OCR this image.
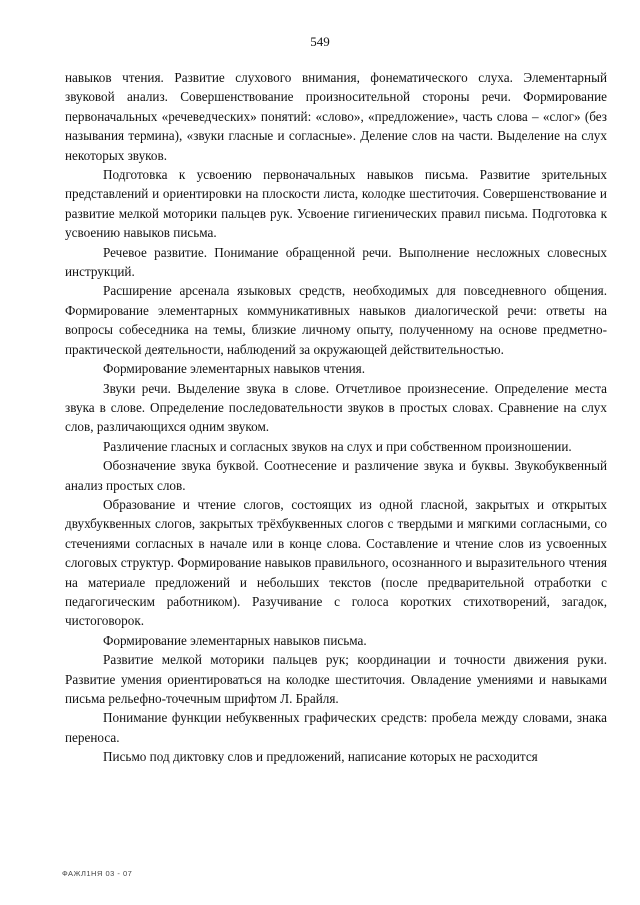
549

навыков чтения. Развитие слухового внимания, фонематического слуха. Элементарный звуковой анализ. Совершенствование произносительной стороны речи. Формирование первоначальных «речеведческих» понятий: «слово», «предложение», часть слова – «слог» (без называния термина), «звуки гласные и согласные». Деление слов на части. Выделение на слух некоторых звуков.

Подготовка к усвоению первоначальных навыков письма. Развитие зрительных представлений и ориентировки на плоскости листа, колодке шеститочия. Совершенствование и развитие мелкой моторики пальцев рук. Усвоение гигиенических правил письма. Подготовка к усвоению навыков письма.

Речевое развитие. Понимание обращенной речи. Выполнение несложных словесных инструкций.

Расширение арсенала языковых средств, необходимых для повседневного общения. Формирование элементарных коммуникативных навыков диалогической речи: ответы на вопросы собеседника на темы, близкие личному опыту, полученному на основе предметно-практической деятельности, наблюдений за окружающей действительностью.

Формирование элементарных навыков чтения.

Звуки речи. Выделение звука в слове. Отчетливое произнесение. Определение места звука в слове. Определение последовательности звуков в простых словах. Сравнение на слух слов, различающихся одним звуком.

Различение гласных и согласных звуков на слух и при собственном произношении.

Обозначение звука буквой. Соотнесение и различение звука и буквы. Звукобуквенный анализ простых слов.

Образование и чтение слогов, состоящих из одной гласной, закрытых и открытых двухбуквенных слогов, закрытых трёхбуквенных слогов с твердыми и мягкими согласными, со стечениями согласных в начале или в конце слова. Составление и чтение слов из усвоенных слоговых структур. Формирование навыков правильного, осознанного и выразительного чтения на материале предложений и небольших текстов (после предварительной отработки с педагогическим работником). Разучивание с голоса коротких стихотворений, загадок, чистоговорок.

Формирование элементарных навыков письма.

Развитие мелкой моторики пальцев рук; координации и точности движения руки. Развитие умения ориентироваться на колодке шеститочия. Овладение умениями и навыками письма рельефно-точечным шрифтом Л. Брайля.

Понимание функции небуквенных графических средств: пробела между словами, знака переноса.

Письмо под диктовку слов и предложений, написание которых не расходится

ФАЖЛ1НЯ 03 - 07
